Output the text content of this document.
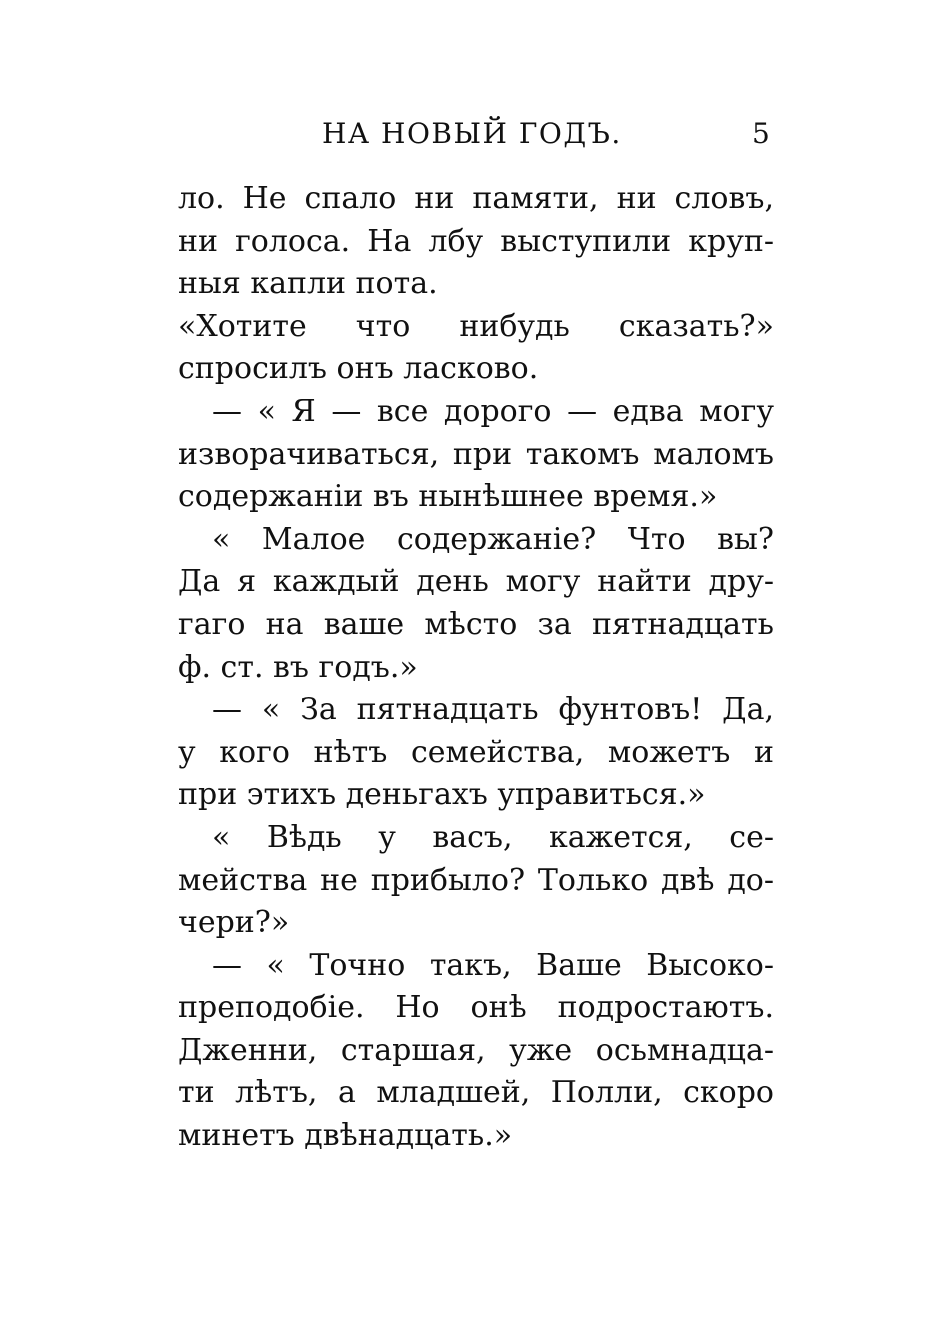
НА НОВЫЙ ГОДЪ.	5
ло. Не спало ни памяти, ни словъ,
ни голоса. На лбу выступили круп-
ныя капли пота.
«Хотите что нибудь сказать?»
спросилъ онъ ласково.
— « Я — все дорого — едва могу
изворачиваться, при такомъ маломъ
содержаніи въ нынѣшнее время.»
« Малое содержаніе? Что вы?
Да я каждый день могу найти дру-
гаго на ваше мѣсто за пятнадцать
ф. ст. въ годъ.»
— « За пятнадцать фунтовъ! Да,
у кого нѣтъ семейства, можетъ и
при этихъ деньгахъ управиться.»
« Вѣдь у васъ, кажется, се-
мейства не прибыло? Только двѣ до-
чери?»
— « Точно такъ, Ваше Высоко-
преподобіе. Но онѣ подростаютъ.
Дженни, старшая, уже осьмнадца-
ти лѣтъ, а младшей, Полли, скоро
минетъ двѣнадцать.»
